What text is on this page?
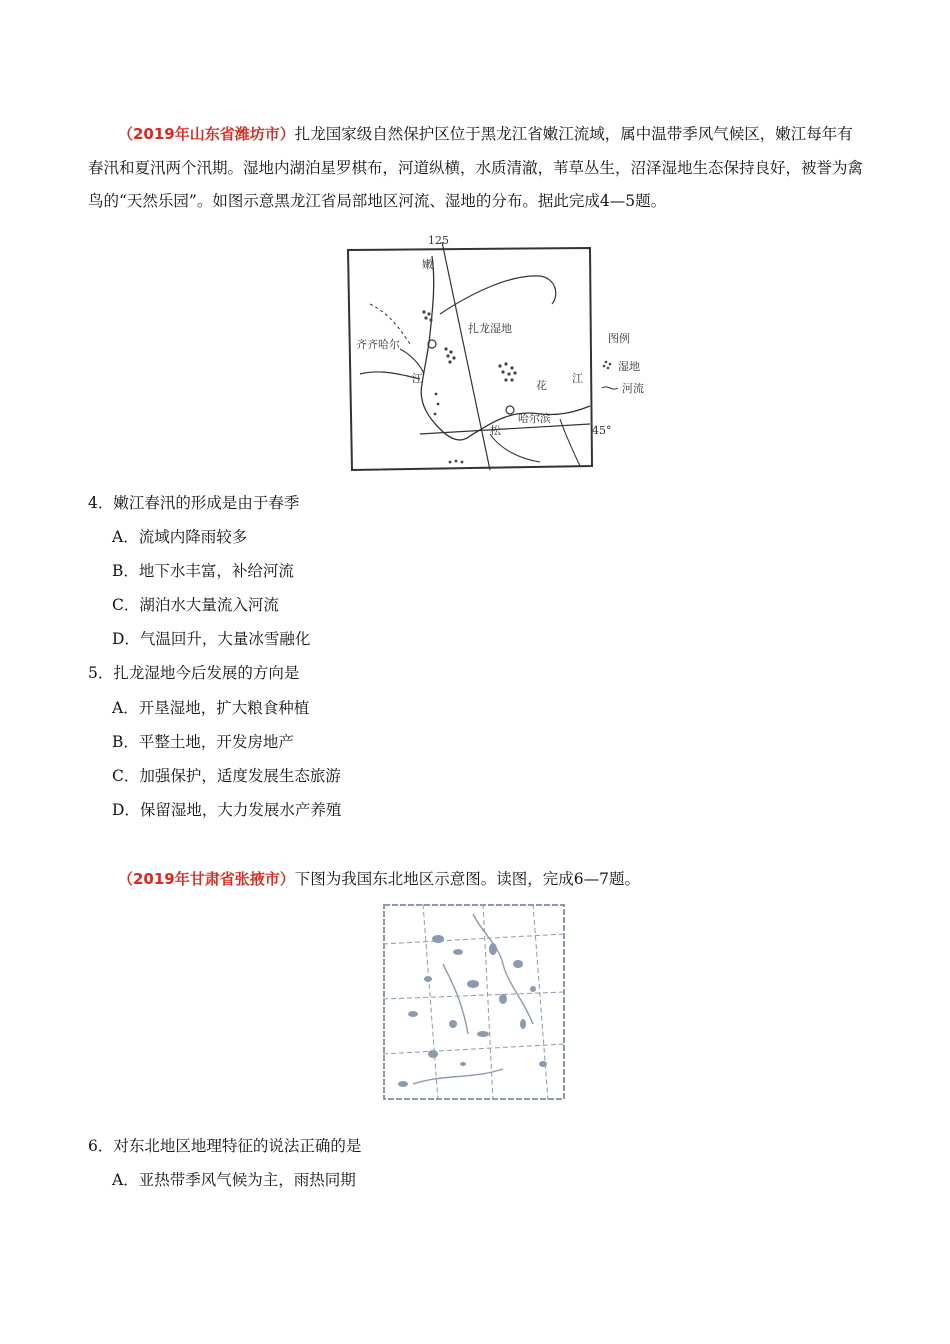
（2019年山东省潍坊市）扎龙国家级自然保护区位于黑龙江省嫩江流域，属中温带季风气候区，嫩江每年有春汛和夏汛两个汛期。湿地内湖泊星罗棋布，河道纵横，水质清澈，苇草丛生，沼泽湿地生态保持良好，被誉为禽鸟的“天然乐园”。如图示意黑龙江省局部地区河流、湿地的分布。据此完成4—5题。
125
45°
嫩
扎龙湿地
齐齐哈尔
江
花
江
松
哈尔滨
图例
湿地
河流
4．嫩江春汛的形成是由于春季
A．流域内降雨较多
B．地下水丰富，补给河流
C．湖泊水大量流入河流
D．气温回升，大量冰雪融化
5．扎龙湿地今后发展的方向是
A．开垦湿地，扩大粮食种植
B．平整土地，开发房地产
C．加强保护，适度发展生态旅游
D．保留湿地，大力发展水产养殖
（2019年甘肃省张掖市）下图为我国东北地区示意图。读图，完成6—7题。
6．对东北地区地理特征的说法正确的是
A．亚热带季风气候为主，雨热同期
